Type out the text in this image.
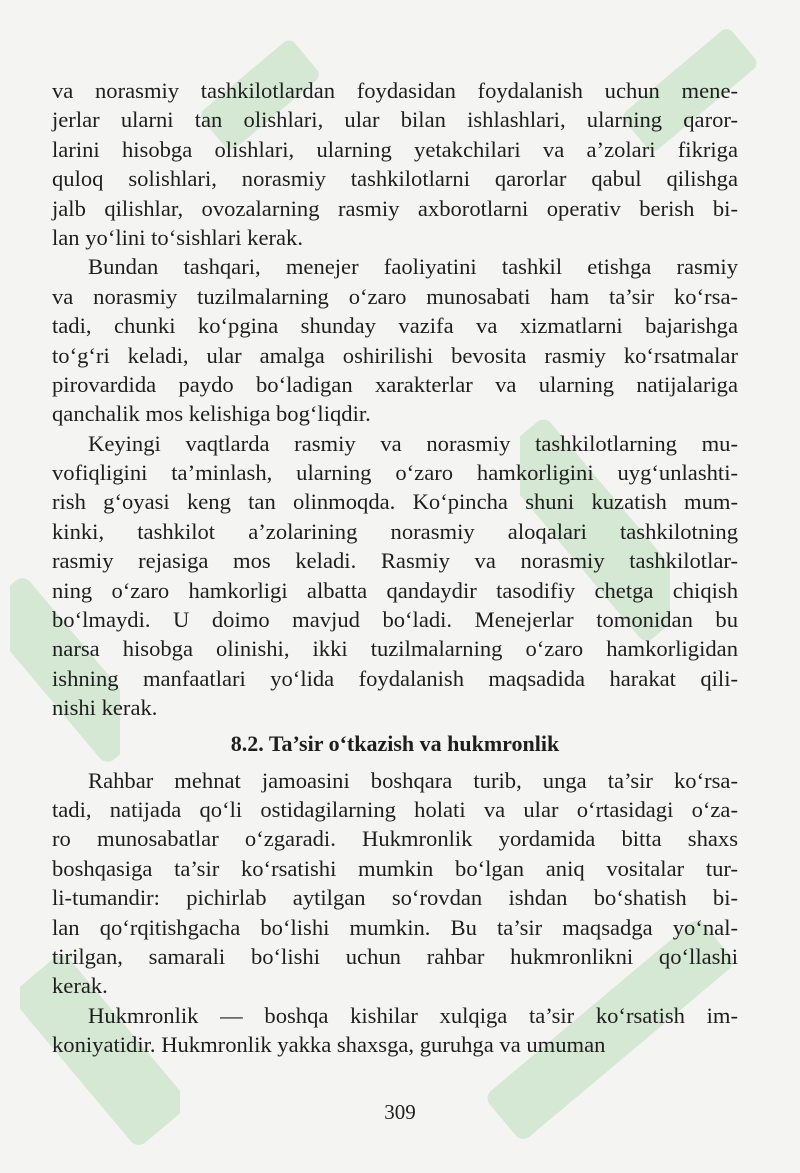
va norasmiy tashkilotlardan foydasidan foydalanish uchun mene-
jerlar ularni tan olishlari, ular bilan ishlashlari, ularning qaror-
larini hisobga olishlari, ularning yetakchilari va a’zolari fikriga
quloq solishlari, norasmiy tashkilotlarni qarorlar qabul qilishga
jalb qilishlar, ovozalarning rasmiy axborotlarni operativ berish bi-
lan yo‘lini to‘sishlari kerak.
Bundan tashqari, menejer faoliyatini tashkil etishga rasmiy
va norasmiy tuzilmalarning o‘zaro munosabati ham ta’sir ko‘rsa-
tadi, chunki ko‘pgina shunday vazifa va xizmatlarni bajarishga
to‘g‘ri keladi, ular amalga oshirilishi bevosita rasmiy ko‘rsatmalar
pirovardida paydo bo‘ladigan xarakterlar va ularning natijalariga
qanchalik mos kelishiga bog‘liqdir.
Keyingi vaqtlarda rasmiy va norasmiy tashkilotlarning mu-
vofiqligini ta’minlash, ularning o‘zaro hamkorligini uyg‘unlashti-
rish g‘oyasi keng tan olinmoqda. Ko‘pincha shuni kuzatish mum-
kinki, tashkilot a’zolarining norasmiy aloqalari tashkilotning
rasmiy rejasiga mos keladi. Rasmiy va norasmiy tashkilotlar-
ning o‘zaro hamkorligi albatta qandaydir tasodifiy chetga chiqish
bo‘lmaydi. U doimo mavjud bo‘ladi. Menejerlar tomonidan bu
narsa hisobga olinishi, ikki tuzilmalarning o‘zaro hamkorligidan
ishning manfaatlari yo‘lida foydalanish maqsadida harakat qili-
nishi kerak.
8.2. Ta’sir o‘tkazish va hukmronlik
Rahbar mehnat jamoasini boshqara turib, unga ta’sir ko‘rsa-
tadi, natijada qo‘li ostidagilarning holati va ular o‘rtasidagi o‘za-
ro munosabatlar o‘zgaradi. Hukmronlik yordamida bitta shaxs
boshqasiga ta’sir ko‘rsatishi mumkin bo‘lgan aniq vositalar tur-
li-tumandir: pichirlab aytilgan so‘rovdan ishdan bo‘shatish bi-
lan qo‘rqitishgacha bo‘lishi mumkin. Bu ta’sir maqsadga yo‘nal-
tirilgan, samarali bo‘lishi uchun rahbar hukmronlikni qo‘llashi
kerak.
Hukmronlik — boshqa kishilar xulqiga ta’sir ko‘rsatish im-
koniyatidir. Hukmronlik yakka shaxsga, guruhga va umuman
309
